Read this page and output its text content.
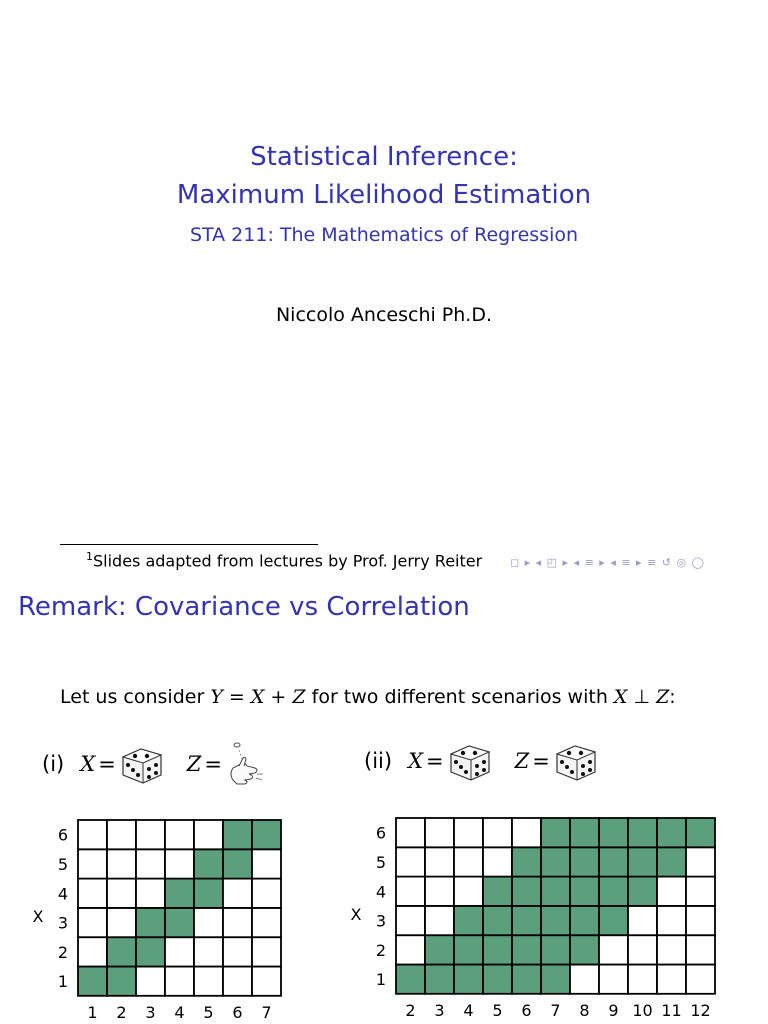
Statistical Inference:
Maximum Likelihood Estimation
STA 211: The Mathematics of Regression
Niccolo Anceschi Ph.D.
$^1$Slides adapted from lectures by Prof. Jerry Reiter	◻ ▸ ◂ ◰ ▸ ◂ ≡ ▸ ◂ ≡ ▸ ≡ ↺ ◎ ◯
Remark: Covariance vs Correlation
Let us consider Y = X + Z for two different scenarios with X ⊥ Z:
(i) X =	Z =	(ii) X =	Z =
1
2
3
4
5
6
1 2 3 4 5 6 7
X
1
2
3
4
5
6
2 3 4 5 6 7 8 9 10 11 12
X
